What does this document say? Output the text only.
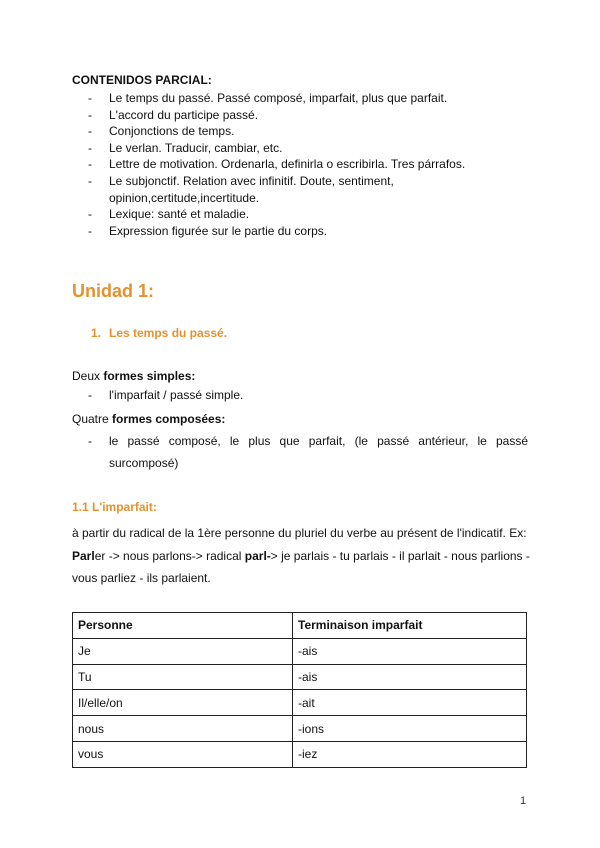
CONTENIDOS PARCIAL:
- Le temps du passé. Passé composé, imparfait, plus que parfait.
- L'accord du participe passé.
- Conjonctions de temps.
- Le verlan. Traducir, cambiar, etc.
- Lettre de motivation. Ordenarla, definirla o escribirla. Tres párrafos.
- Le subjonctif. Relation avec infinitif. Doute, sentiment, opinion,certitude,incertitude.
- Lexique: santé et maladie.
- Expression figurée sur le partie du corps.
Unidad 1:
1. Les temps du passé.
Deux formes simples:
- l'imparfait / passé simple.
Quatre formes composées:
- le passé composé, le plus que parfait, (le passé antérieur, le passé surcomposé)
1.1 L'imparfait:
à partir du radical de la 1ère personne du pluriel du verbe au présent de l'indicatif. Ex: Parler -> nous parlons-> radical parl-> je parlais - tu parlais - il parlait - nous parlions - vous parliez - ils parlaient.
Personne	Terminaison imparfait
Je	-ais
Tu	-ais
Il/elle/on	-ait
nous	-ions
vous	-iez
1
